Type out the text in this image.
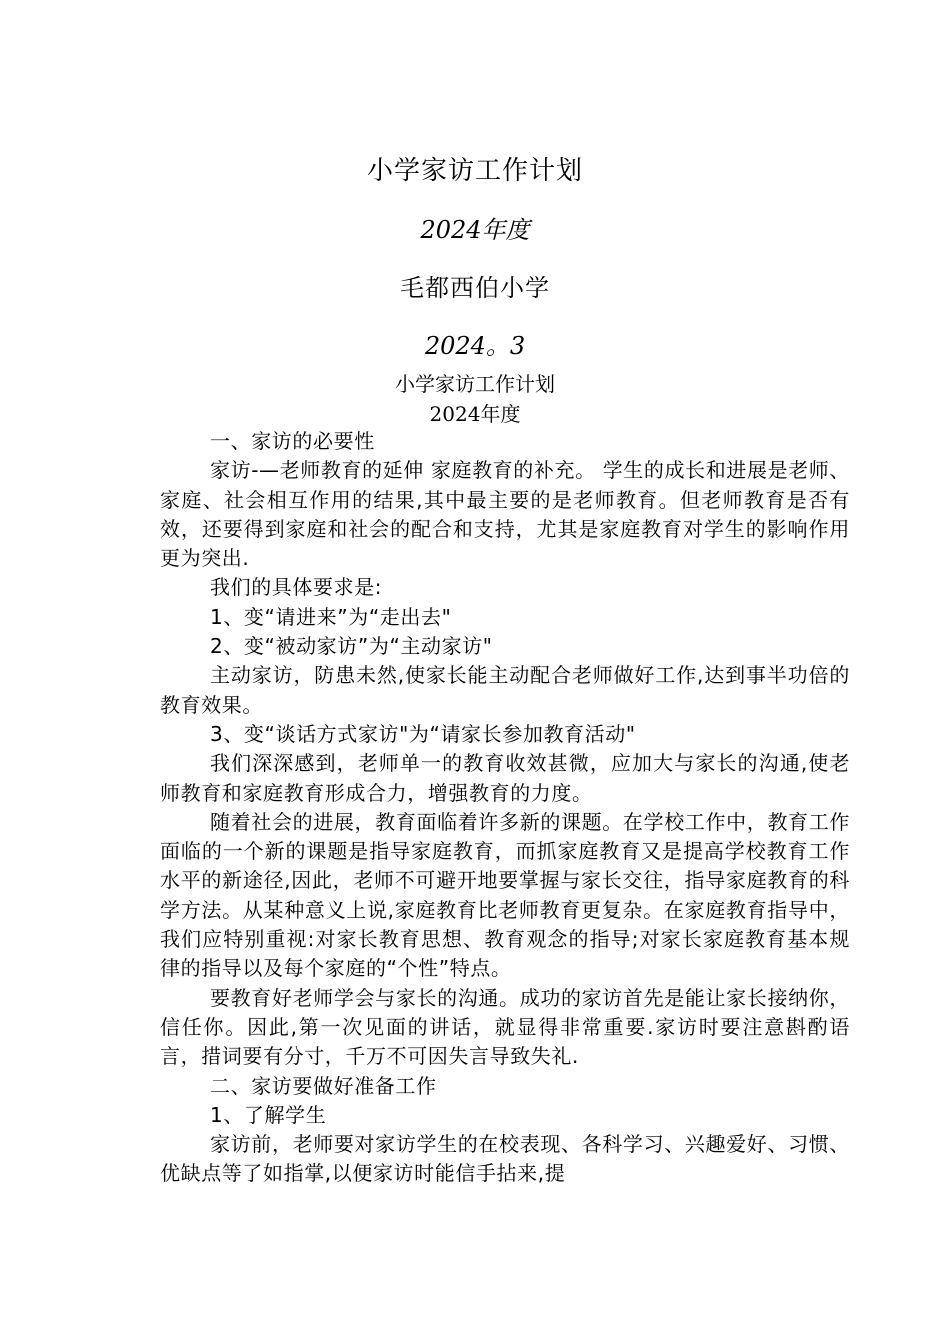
小学家访工作计划
2024年度
毛都西伯小学
2024。3
小学家访工作计划
2024年度

一、家访的必要性

家访-—老师教育的延伸 家庭教育的补充。 学生的成长和进展是老师、家庭、社会相互作用的结果,其中最主要的是老师教育。但老师教育是否有效，还要得到家庭和社会的配合和支持，尤其是家庭教育对学生的影响作用更为突出.

我们的具体要求是:

1、变“请进来”为“走出去"

2、变“被动家访”为“主动家访"

主动家访，防患未然,使家长能主动配合老师做好工作,达到事半功倍的教育效果。

3、变“谈话方式家访"为“请家长参加教育活动"

我们深深感到，老师单一的教育收效甚微，应加大与家长的沟通,使老师教育和家庭教育形成合力，增强教育的力度。

随着社会的进展，教育面临着许多新的课题。在学校工作中，教育工作面临的一个新的课题是指导家庭教育，而抓家庭教育又是提高学校教育工作水平的新途径,因此，老师不可避开地要掌握与家长交往，指导家庭教育的科学方法。从某种意义上说,家庭教育比老师教育更复杂。在家庭教育指导中，我们应特别重视:对家长教育思想、教育观念的指导;对家长家庭教育基本规律的指导以及每个家庭的“个性”特点。

要教育好老师学会与家长的沟通。成功的家访首先是能让家长接纳你，信任你。因此,第一次见面的讲话，就显得非常重要.家访时要注意斟酌语言，措词要有分寸，千万不可因失言导致失礼.

二、家访要做好准备工作

1、了解学生

家访前，老师要对家访学生的在校表现、各科学习、兴趣爱好、习惯、优缺点等了如指掌,以便家访时能信手拈来,提
